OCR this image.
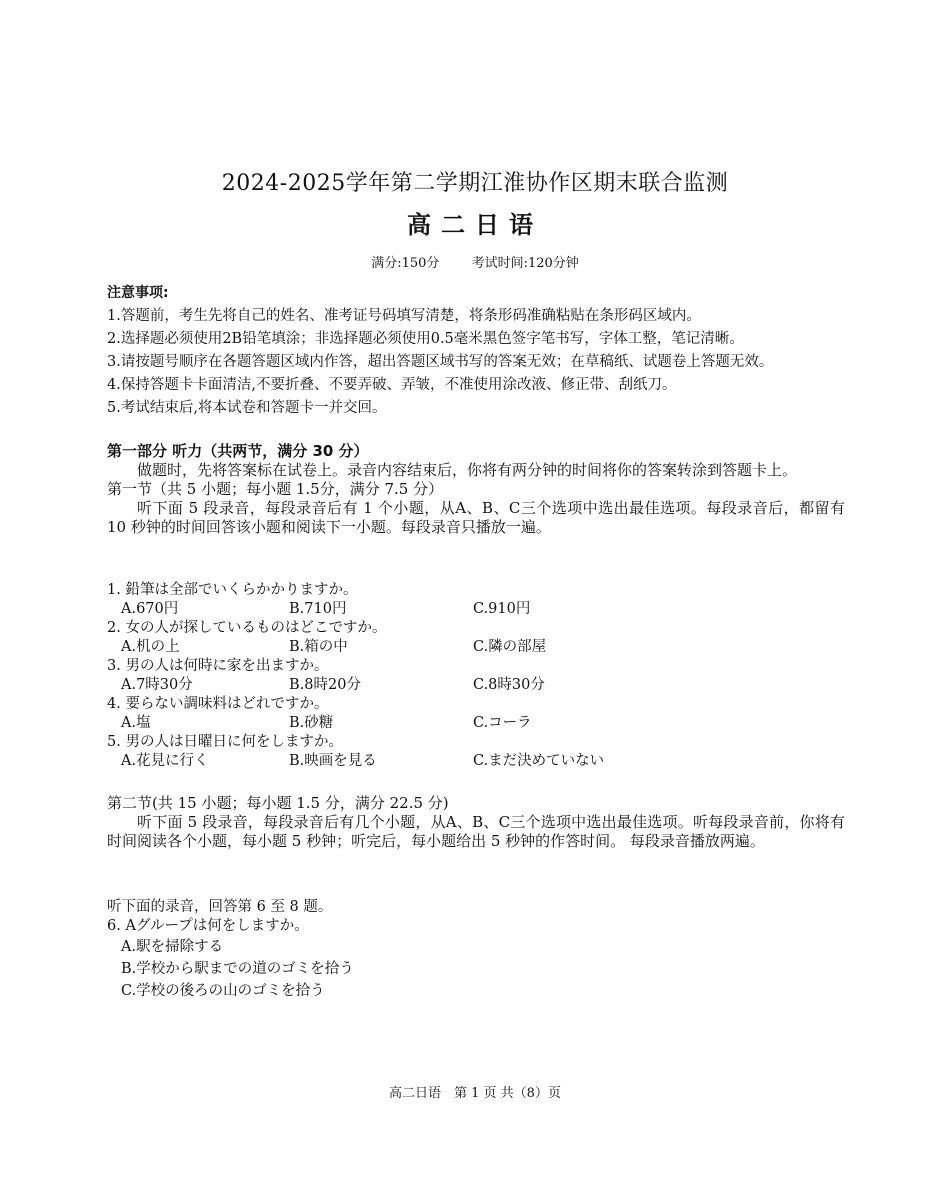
2024-2025学年第二学期江淮协作区期末联合监测
高二日语
满分:150分 考试时间:120分钟
注意事项:
1.答题前，考生先将自己的姓名、准考证号码填写清楚，将条形码准确粘贴在条形码区域内。
2.选择题必须使用2B铅笔填涂；非选择题必须使用0.5毫米黑色签字笔书写，字体工整，笔记清晰。
3.请按题号顺序在各题答题区域内作答，超出答题区域书写的答案无效；在草稿纸、试题卷上答题无效。
4.保持答题卡卡面清洁,不要折叠、不要弄破、弄皱，不准使用涂改液、修正带、刮纸刀。
5.考试结束后,将本试卷和答题卡一并交回。
第一部分 听力（共两节，满分 30 分）
做题时，先将答案标在试卷上。录音内容结束后，你将有两分钟的时间将你的答案转涂到答题卡上。
第一节（共 5 小题；每小题 1.5分，满分 7.5 分）
听下面 5 段录音，每段录音后有 1 个小题，从A、B、C三个选项中选出最佳选项。每段录音后，都留有 10 秒钟的时间回答该小题和阅读下一小题。每段录音只播放一遍。
1. 鉛筆は全部でいくらかかりますか。
A.670円	B.710円	C.910円
2. 女の人が探しているものはどこですか。
A.机の上	B.箱の中	C.隣の部屋
3. 男の人は何時に家を出ますか。
A.7時30分	B.8時20分	C.8時30分
4. 要らない調味料はどれですか。
A.塩	B.砂糖	C.コーラ
5. 男の人は日曜日に何をしますか。
A.花見に行く	B.映画を見る	C.まだ決めていない
第二节(共 15 小题；每小题 1.5 分，满分 22.5 分)
听下面 5 段录音，每段录音后有几个小题，从A、B、C三个选项中选出最佳选项。听每段录音前，你将有时间阅读各个小题，每小题 5 秒钟；听完后，每小题给出 5 秒钟的作答时间。 每段录音播放两遍。
听下面的录音，回答第 6 至 8 题。
6. Aグループは何をしますか。
A.駅を掃除する
B.学校から駅までの道のゴミを拾う
C.学校の後ろの山のゴミを拾う
高二日语　第 1 页 共（8）页
